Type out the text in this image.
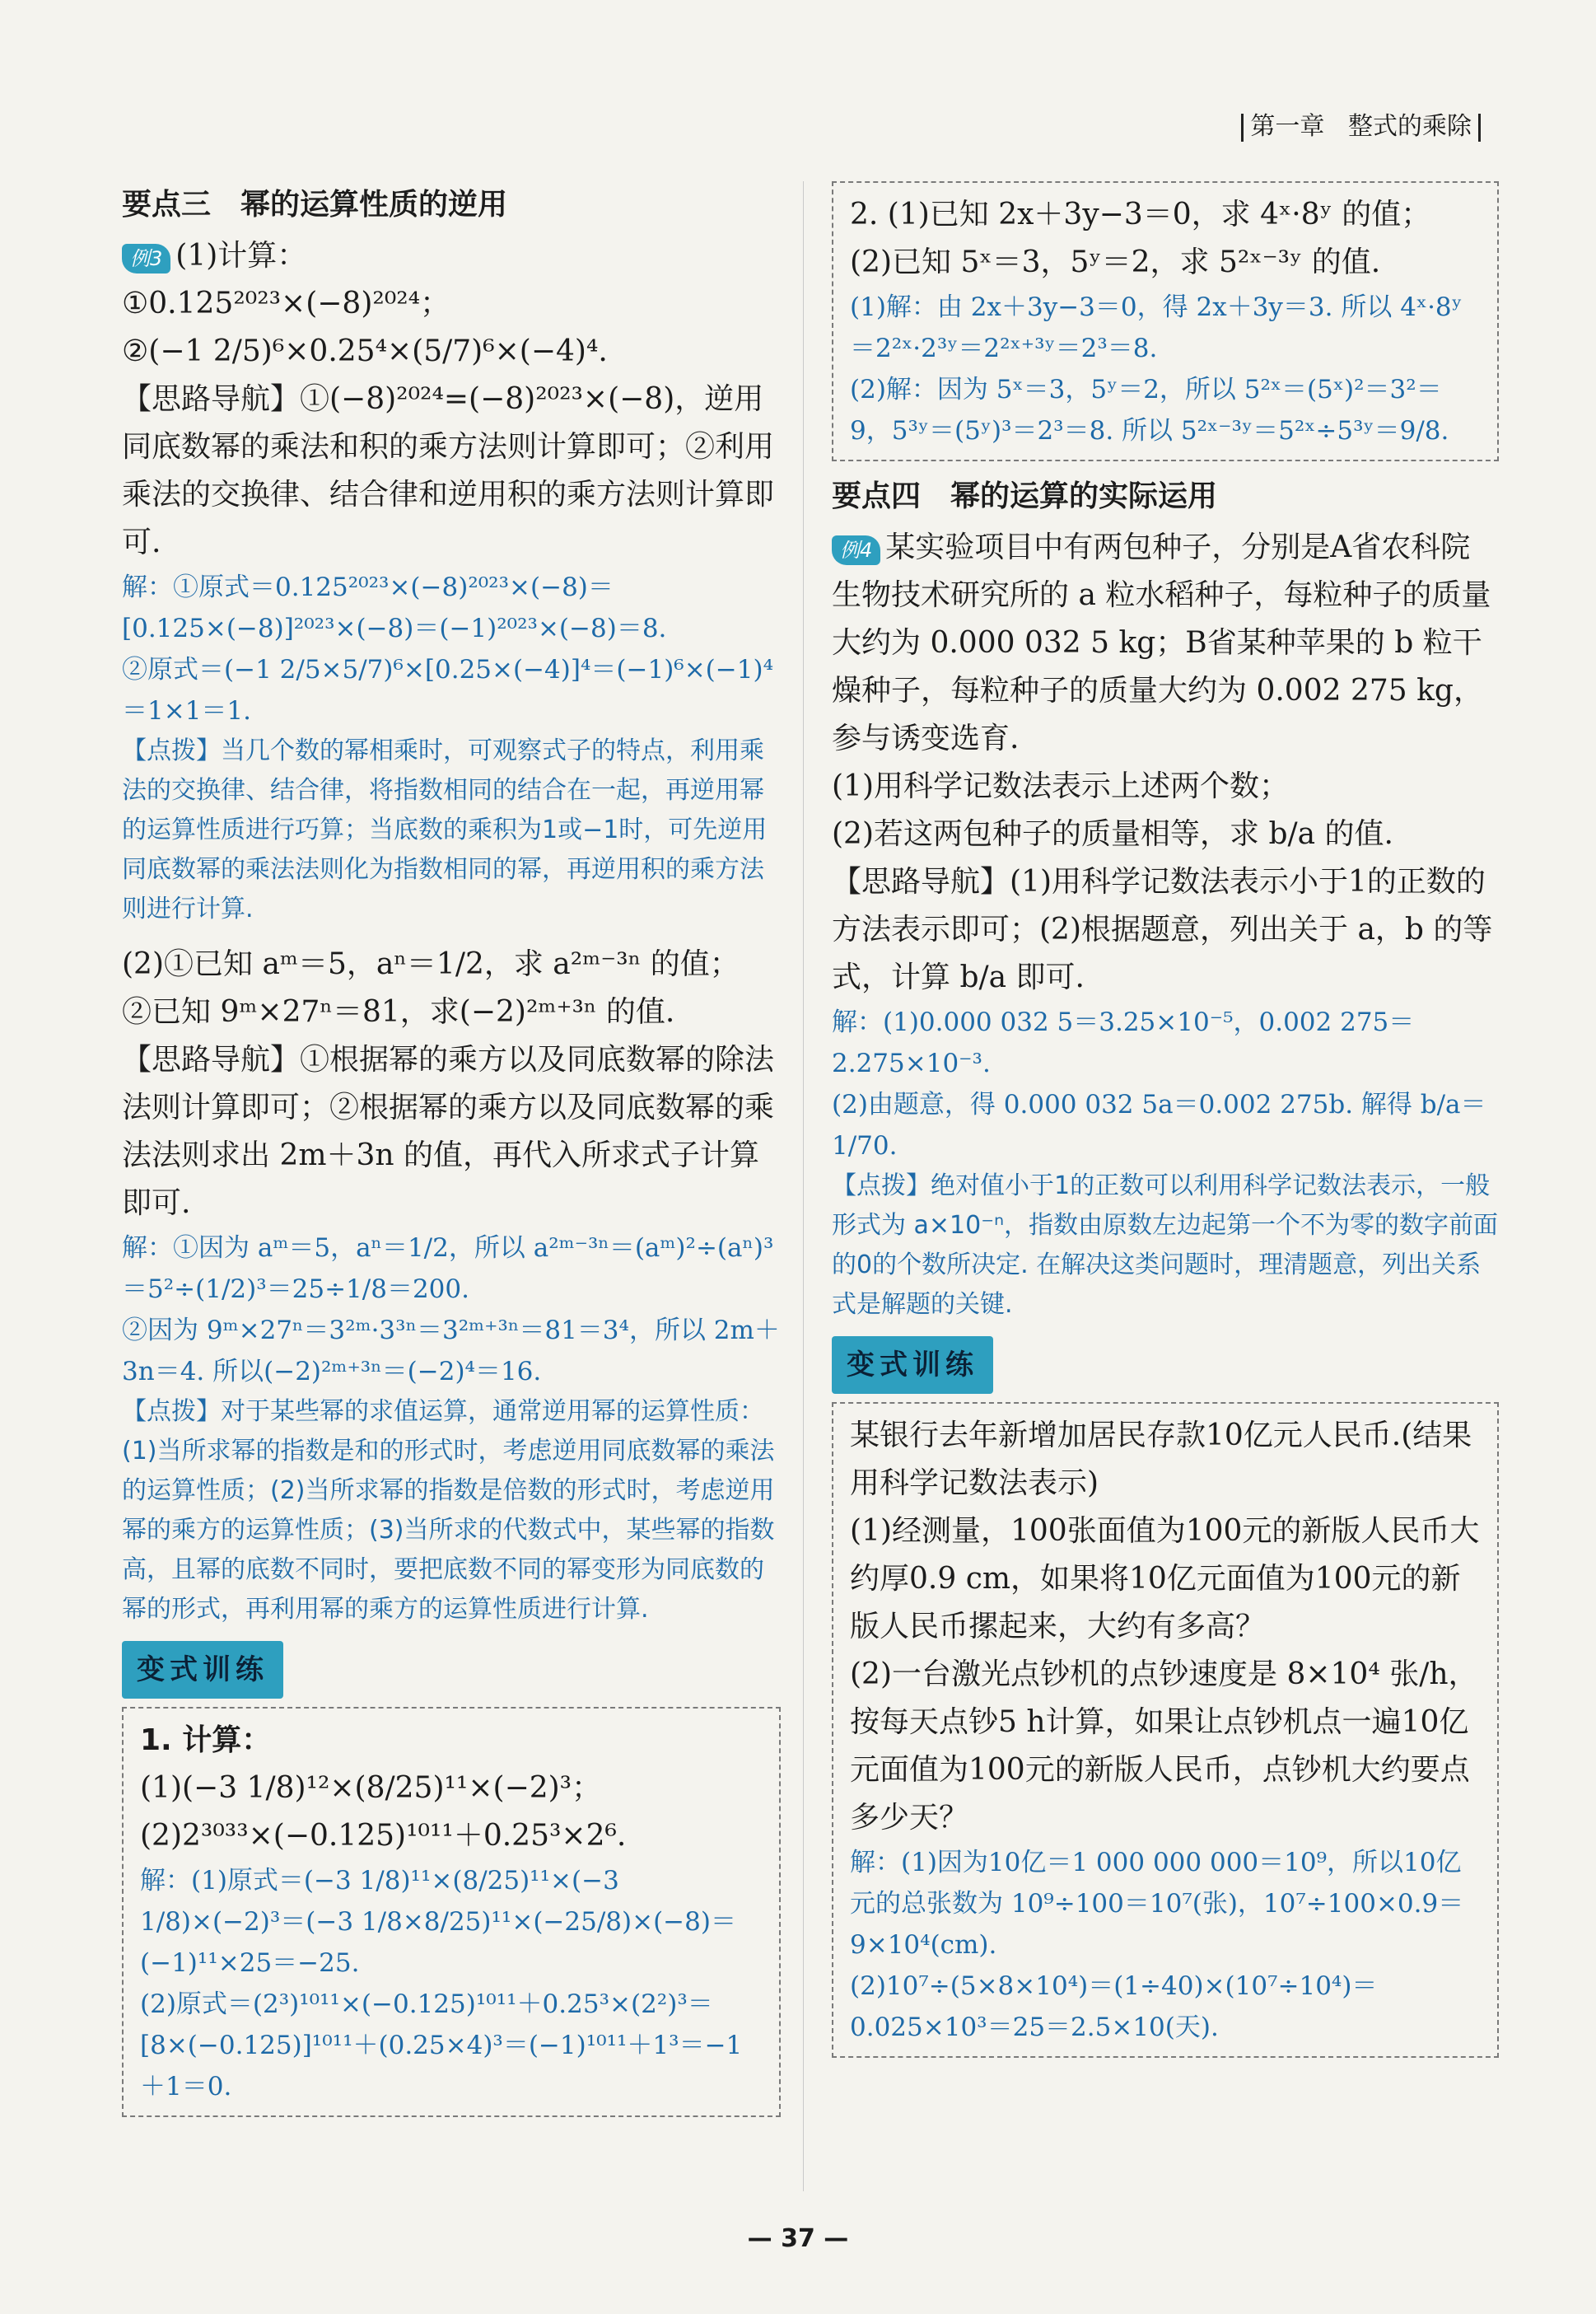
第一章 整式的乘除

要点三　幂的运算性质的逆用

例3 (1)计算：

①0.125²⁰²³×(−8)²⁰²⁴；

②(−1 2/5)⁶×0.25⁴×(5/7)⁶×(−4)⁴.

【思路导航】①(−8)²⁰²⁴=(−8)²⁰²³×(−8)，逆用同底数幂的乘法和积的乘方法则计算即可；②利用乘法的交换律、结合律和逆用积的乘方法则计算即可.

解：①原式＝0.125²⁰²³×(−8)²⁰²³×(−8)＝[0.125×(−8)]²⁰²³×(−8)＝(−1)²⁰²³×(−8)＝8.

②原式＝(−1 2/5×5/7)⁶×[0.25×(−4)]⁴＝(−1)⁶×(−1)⁴＝1×1＝1.

【点拨】当几个数的幂相乘时，可观察式子的特点，利用乘法的交换律、结合律，将指数相同的结合在一起，再逆用幂的运算性质进行巧算；当底数的乘积为1或−1时，可先逆用同底数幂的乘法法则化为指数相同的幂，再逆用积的乘方法则进行计算.

(2)①已知 aᵐ＝5，aⁿ＝1/2，求 a²ᵐ⁻³ⁿ 的值；

②已知 9ᵐ×27ⁿ＝81，求(−2)²ᵐ⁺³ⁿ 的值.

【思路导航】①根据幂的乘方以及同底数幂的除法法则计算即可；②根据幂的乘方以及同底数幂的乘法法则求出 2m＋3n 的值，再代入所求式子计算即可.

解：①因为 aᵐ＝5，aⁿ＝1/2，所以 a²ᵐ⁻³ⁿ＝(aᵐ)²÷(aⁿ)³＝5²÷(1/2)³＝25÷1/8＝200.

②因为 9ᵐ×27ⁿ＝3²ᵐ·3³ⁿ＝3²ᵐ⁺³ⁿ＝81＝3⁴，所以 2m＋3n＝4. 所以(−2)²ᵐ⁺³ⁿ＝(−2)⁴＝16.

【点拨】对于某些幂的求值运算，通常逆用幂的运算性质：(1)当所求幂的指数是和的形式时，考虑逆用同底数幂的乘法的运算性质；(2)当所求幂的指数是倍数的形式时，考虑逆用幂的乘方的运算性质；(3)当所求的代数式中，某些幂的指数高，且幂的底数不同时，要把底数不同的幂变形为同底数的幂的形式，再利用幂的乘方的运算性质进行计算.

变式训练

1. 计算：

(1)(−3 1/8)¹²×(8/25)¹¹×(−2)³；

(2)2³⁰³³×(−0.125)¹⁰¹¹＋0.25³×2⁶.

解：(1)原式＝(−3 1/8)¹¹×(8/25)¹¹×(−3 1/8)×(−2)³＝(−3 1/8×8/25)¹¹×(−25/8)×(−8)＝(−1)¹¹×25＝−25.

(2)原式＝(2³)¹⁰¹¹×(−0.125)¹⁰¹¹＋0.25³×(2²)³＝[8×(−0.125)]¹⁰¹¹＋(0.25×4)³＝(−1)¹⁰¹¹＋1³＝−1＋1＝0.

2. (1)已知 2x＋3y−3＝0，求 4ˣ·8ʸ 的值；

(2)已知 5ˣ＝3，5ʸ＝2，求 5²ˣ⁻³ʸ 的值.

(1)解：由 2x＋3y−3＝0，得 2x＋3y＝3. 所以 4ˣ·8ʸ＝2²ˣ·2³ʸ＝2²ˣ⁺³ʸ＝2³＝8.

(2)解：因为 5ˣ＝3，5ʸ＝2，所以 5²ˣ＝(5ˣ)²＝3²＝9，5³ʸ＝(5ʸ)³＝2³＝8. 所以 5²ˣ⁻³ʸ＝5²ˣ÷5³ʸ＝9/8.

要点四　幂的运算的实际运用

例4 某实验项目中有两包种子，分别是A省农科院生物技术研究所的 a 粒水稻种子，每粒种子的质量大约为 0.000 032 5 kg；B省某种苹果的 b 粒干燥种子，每粒种子的质量大约为 0.002 275 kg，参与诱变选育.

(1)用科学记数法表示上述两个数；

(2)若这两包种子的质量相等，求 b/a 的值.

【思路导航】(1)用科学记数法表示小于1的正数的方法表示即可；(2)根据题意，列出关于 a，b 的等式，计算 b/a 即可.

解：(1)0.000 032 5＝3.25×10⁻⁵，0.002 275＝2.275×10⁻³.

(2)由题意，得 0.000 032 5a＝0.002 275b. 解得 b/a＝1/70.

【点拨】绝对值小于1的正数可以利用科学记数法表示，一般形式为 a×10⁻ⁿ，指数由原数左边起第一个不为零的数字前面的0的个数所决定. 在解决这类问题时，理清题意，列出关系式是解题的关键.

变式训练

某银行去年新增加居民存款10亿元人民币.(结果用科学记数法表示)

(1)经测量，100张面值为100元的新版人民币大约厚0.9 cm，如果将10亿元面值为100元的新版人民币摞起来，大约有多高？

(2)一台激光点钞机的点钞速度是 8×10⁴ 张/h，按每天点钞5 h计算，如果让点钞机点一遍10亿元面值为100元的新版人民币，点钞机大约要点多少天？

解：(1)因为10亿＝1 000 000 000＝10⁹，所以10亿元的总张数为 10⁹÷100＝10⁷(张)，10⁷÷100×0.9＝9×10⁴(cm).

(2)10⁷÷(5×8×10⁴)＝(1÷40)×(10⁷÷10⁴)＝0.025×10³＝25＝2.5×10(天).

— 37 —
